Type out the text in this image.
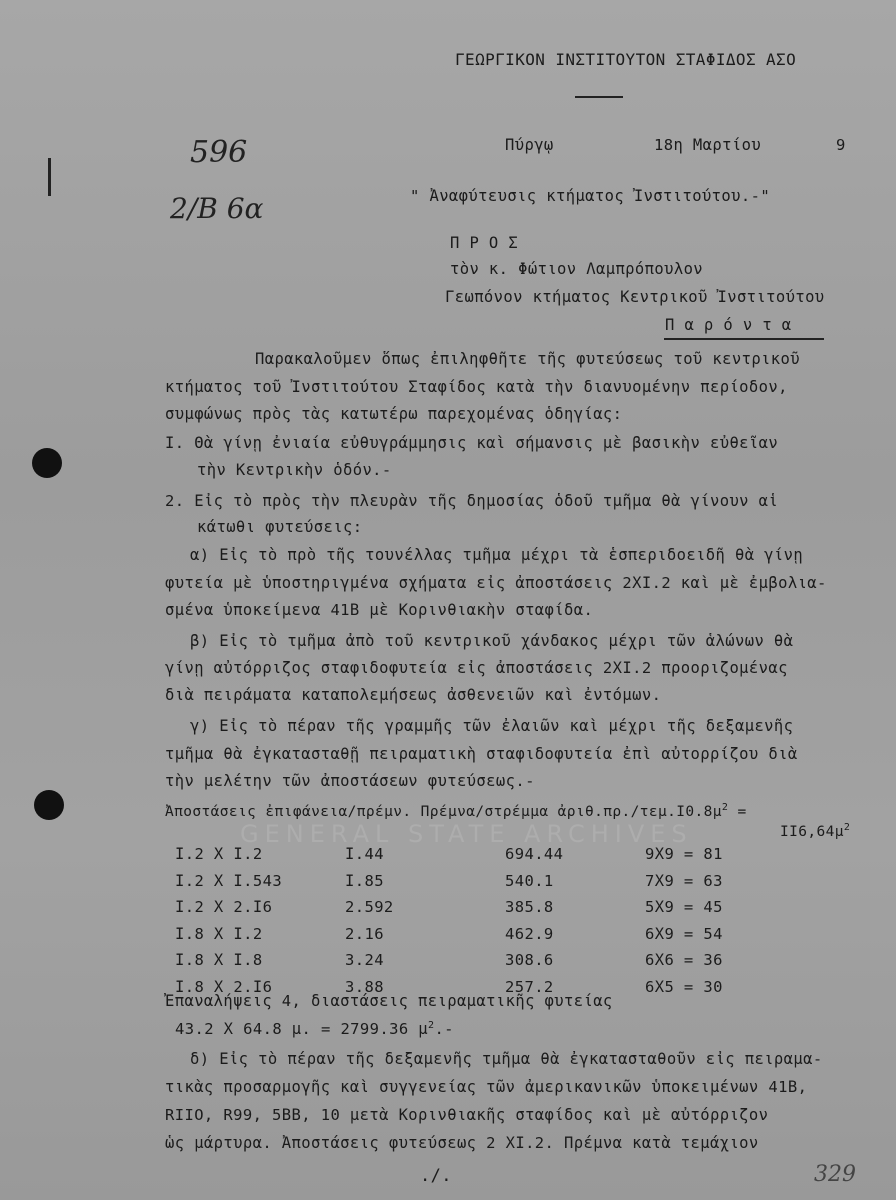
ΓΕΩΡΓΙΚΟΝ ΙΝΣΤΙΤΟΥΤΟΝ ΣΤΑΦΙΔΟΣ ΑΣΟ
596
2/Β 6α
Πύργῳ	18η Μαρτίου	9
" Ἀναφύτευσις κτήματος Ἰνστιτούτου.-"
Π Ρ Ο Σ
τὸν κ. Φώτιον Λαμπρόπουλον
Γεωπόνον κτήματος Κεντρικοῦ Ἰνστιτούτου
Π α ρ ό ν τ α
Παρακαλοῦμεν ὅπως ἐπιληφθῆτε τῆς φυτεύσεως τοῦ κεντρικοῦ
κτήματος τοῦ Ἰνστιτούτου Σταφίδος κατὰ τὴν διανυομένην περίοδον,
συμφώνως πρὸς τὰς κατωτέρω παρεχομένας ὁδηγίας:
Ι. Θὰ γίνῃ ἐνιαία εὐθυγράμμησις καὶ σήμανσις μὲ βασικὴν εὐθεῖαν
τὴν Κεντρικὴν ὁδόν.-
2. Εἰς τὸ πρὸς τὴν πλευρὰν τῆς δημοσίας ὁδοῦ τμῆμα θὰ γίνουν αἱ
κάτωθι φυτεύσεις:
α) Εἰς τὸ πρὸ τῆς τουνέλλας τμῆμα μέχρι τὰ ἑσπεριδοειδῆ θὰ γίνῃ
φυτεία μὲ ὑποστηριγμένα σχήματα εἰς ἀποστάσεις 2ΧΙ.2 καὶ μὲ ἐμβολια-
σμένα ὑποκείμενα 41Β μὲ Κορινθιακὴν σταφίδα.
β) Εἰς τὸ τμῆμα ἀπὸ τοῦ κεντρικοῦ χάνδακος μέχρι τῶν ἁλώνων θὰ
γίνῃ αὐτόρριζος σταφιδοφυτεία εἰς ἀποστάσεις 2ΧΙ.2 προοριζομένας
διὰ πειράματα καταπολεμήσεως ἀσθενειῶν καὶ ἐντόμων.
γ) Εἰς τὸ πέραν τῆς γραμμῆς τῶν ἐλαιῶν καὶ μέχρι τῆς δεξαμενῆς
τμῆμα θὰ ἐγκατασταθῇ πειραματικὴ σταφιδοφυτεία ἐπὶ αὐτορρίζου διὰ
τὴν μελέτην τῶν ἀποστάσεων φυτεύσεως.-
Ἀποστάσεις ἐπιφάνεια/πρέμν. Πρέμνα/στρέμμα $ἀ\rho\iota\theta.\pi\rho./\tau\varepsilon\mu.I0.8\mu^2$ =
$II6,64\mu^2$
GENERAL STATE ARCHIVES
Ι.2 Χ Ι.2	Ι.44	694.44	9Χ9 = 81
Ι.2 Χ Ι.543	Ι.85	540.1	7Χ9 = 63
Ι.2 Χ 2.Ι6	2.592	385.8	5Χ9 = 45
Ι.8 Χ Ι.2	2.16	462.9	6Χ9 = 54
Ι.8 Χ Ι.8	3.24	308.6	6Χ6 = 36
Ι.8 Χ 2.Ι6	3.88	257.2	6Χ5 = 30
Ἐπαναλήψεις 4, διαστάσεις πειραματικῆς φυτείας
43.2 Χ 64.8 μ. = 2799.36 $\mu^2.-$
δ) Εἰς τὸ πέραν τῆς δεξαμενῆς τμῆμα θὰ ἐγκατασταθοῦν εἰς πειραμα-
τικὰς προσαρμογῆς καὶ συγγενείας τῶν ἀμερικανικῶν ὑποκειμένων 41Β,
RIIO, R99, 5ΒΒ, 10 μετὰ Κορινθιακῆς σταφίδος καὶ μὲ αὐτόρριζον
ὡς μάρτυρα. Ἀποστάσεις φυτεύσεως 2 ΧΙ.2. Πρέμνα κατὰ τεμάχιον
./.	329
